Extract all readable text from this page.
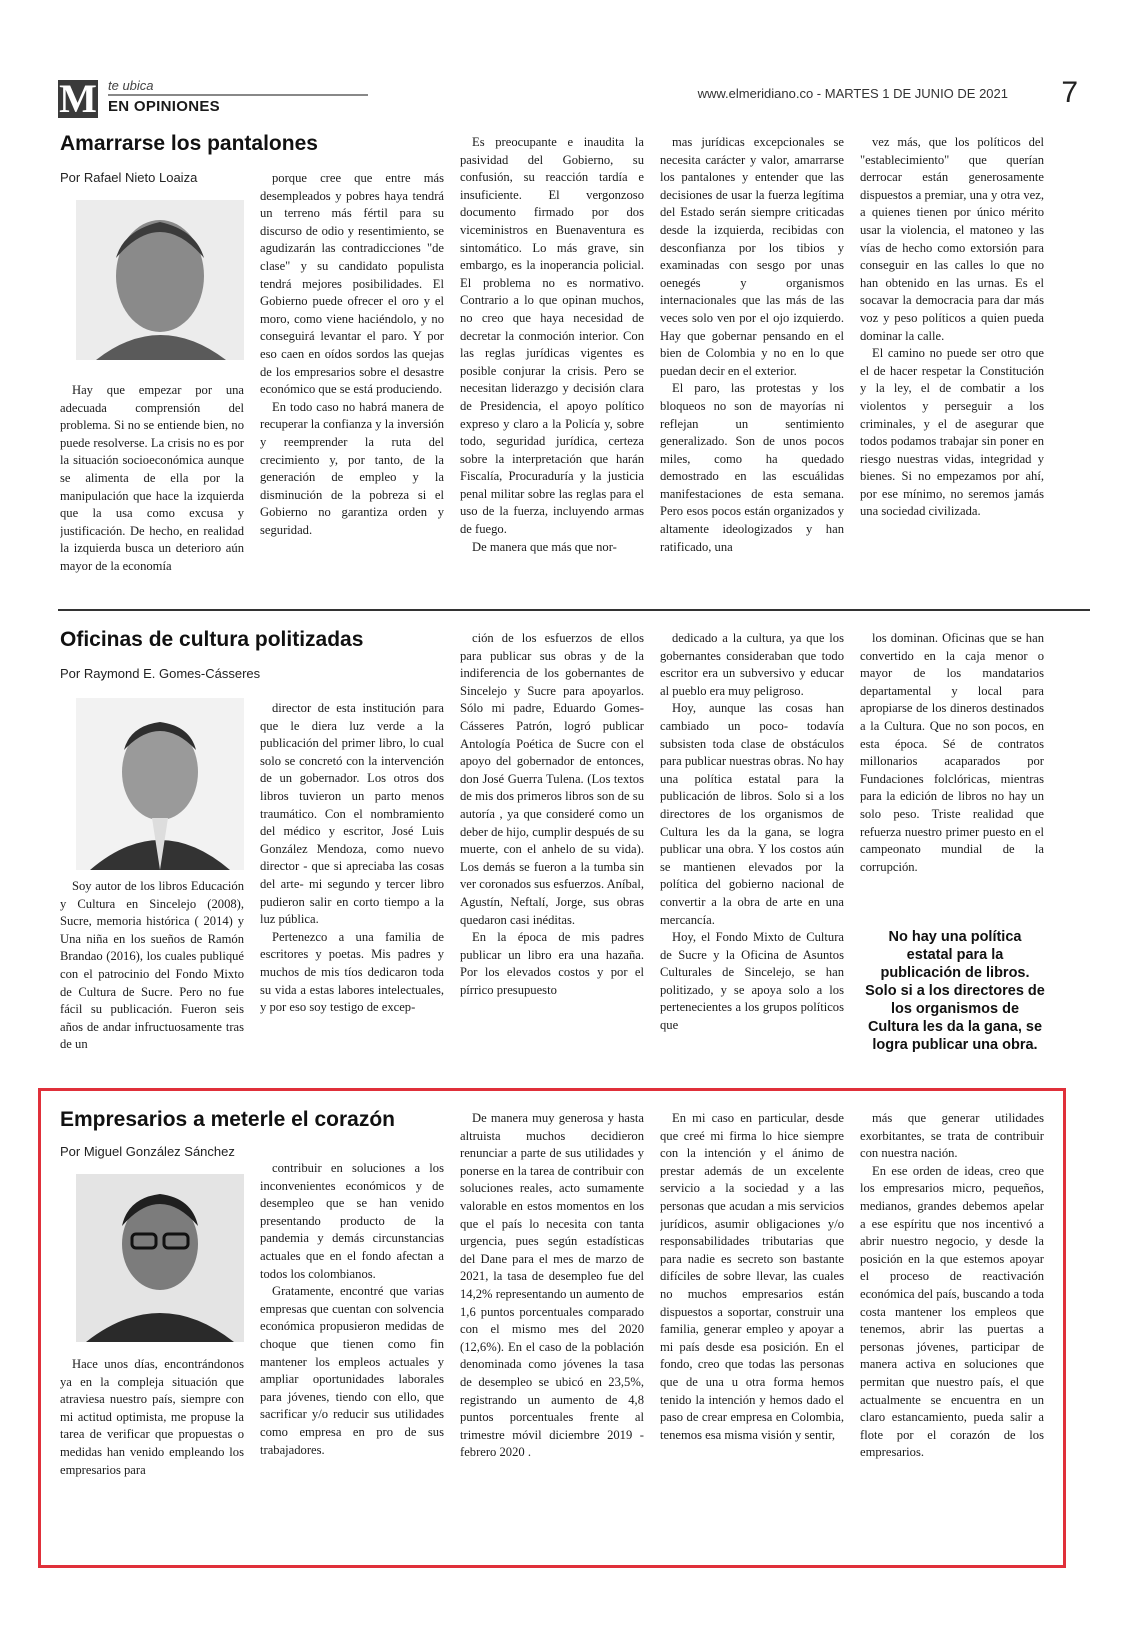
M te ubica
EN OPINIONES
www.elmeridiano.co - MARTES 1 DE JUNIO DE 2021 7
Amarrarse los pantalones
Por Rafael Nieto Loaiza

Hay que empezar por una adecuada comprensión del problema. Si no se entiende bien, no puede resolverse. La crisis no es por la situación socioeconómica aunque se alimenta de ella por la manipulación que hace la izquierda que la usa como excusa y justificación. De hecho, en realidad la izquierda busca un deterioro aún mayor de la economía

porque cree que entre más desempleados y pobres haya tendrá un terreno más fértil para su discurso de odio y resentimiento, se agudizarán las contradicciones "de clase" y su candidato populista tendrá mejores posibilidades. El Gobierno puede ofrecer el oro y el moro, como viene haciéndolo, y no conseguirá levantar el paro. Y por eso caen en oídos sordos las quejas de los empresarios sobre el desastre económico que se está produciendo.

En todo caso no habrá manera de recuperar la confianza y la inversión y reemprender la ruta del crecimiento y, por tanto, de la generación de empleo y la disminución de la pobreza si el Gobierno no garantiza orden y seguridad.

Es preocupante e inaudita la pasividad del Gobierno, su confusión, su reacción tardía e insuficiente. El vergonzoso documento firmado por dos viceministros en Buenaventura es sintomático. Lo más grave, sin embargo, es la inoperancia policial. El problema no es normativo. Contrario a lo que opinan muchos, no creo que haya necesidad de decretar la conmoción interior. Con las reglas jurídicas vigentes es posible conjurar la crisis. Pero se necesitan liderazgo y decisión clara de Presidencia, el apoyo político expreso y claro a la Policía y, sobre todo, seguridad jurídica, certeza sobre la interpretación que harán Fiscalía, Procuraduría y la justicia penal militar sobre las reglas para el uso de la fuerza, incluyendo armas de fuego.

De manera que más que nor-

mas jurídicas excepcionales se necesita carácter y valor, amarrarse los pantalones y entender que las decisiones de usar la fuerza legítima del Estado serán siempre criticadas desde la izquierda, recibidas con desconfianza por los tibios y examinadas con sesgo por unas oenegés y organismos internacionales que las más de las veces solo ven por el ojo izquierdo. Hay que gobernar pensando en el bien de Colombia y no en lo que puedan decir en el exterior.

El paro, las protestas y los bloqueos no son de mayorías ni reflejan un sentimiento generalizado. Son de unos pocos miles, como ha quedado demostrado en las escuálidas manifestaciones de esta semana. Pero esos pocos están organizados y altamente ideologizados y han ratificado, una

vez más, que los políticos del "establecimiento" que querían derrocar están generosamente dispuestos a premiar, una y otra vez, a quienes tienen por único mérito usar la violencia, el matoneo y las vías de hecho como extorsión para conseguir en las calles lo que no han obtenido en las urnas. Es el socavar la democracia para dar más voz y peso políticos a quien pueda dominar la calle.

El camino no puede ser otro que el de hacer respetar la Constitución y la ley, el de combatir a los violentos y perseguir a los criminales, y el de asegurar que todos podamos trabajar sin poner en riesgo nuestras vidas, integridad y bienes. Si no empezamos por ahí, por ese mínimo, no seremos jamás una sociedad civilizada.

Oficinas de cultura politizadas
Por Raymond E. Gomes-Cásseres

Soy autor de los libros Educación y Cultura en Sincelejo (2008), Sucre, memoria histórica ( 2014) y Una niña en los sueños de Ramón Brandao (2016), los cuales publiqué con el patrocinio del Fondo Mixto de Cultura de Sucre. Pero no fue fácil su publicación. Fueron seis años de andar infructuosamente tras de un

director de esta institución para que le diera luz verde a la publicación del primer libro, lo cual solo se concretó con la intervención de un gobernador. Los otros dos libros tuvieron un parto menos traumático. Con el nombramiento del médico y escritor, José Luis González Mendoza, como nuevo director - que si apreciaba las cosas del arte- mi segundo y tercer libro pudieron salir en corto tiempo a la luz pública.

Pertenezco a una familia de escritores y poetas. Mis padres y muchos de mis tíos dedicaron toda su vida a estas labores intelectuales, y por eso soy testigo de excep-

ción de los esfuerzos de ellos para publicar sus obras y de la indiferencia de los gobernantes de Sincelejo y Sucre para apoyarlos. Sólo mi padre, Eduardo Gomes-Cásseres Patrón, logró publicar Antología Poética de Sucre con el apoyo del gobernador de entonces, don José Guerra Tulena. (Los textos de mis dos primeros libros son de su autoría , ya que consideré como un deber de hijo, cumplir después de su muerte, con el anhelo de su vida). Los demás se fueron a la tumba sin ver coronados sus esfuerzos. Aníbal, Agustín, Neftalí, Jorge, sus obras quedaron casi inéditas.

En la época de mis padres publicar un libro era una hazaña. Por los elevados costos y por el pírrico presupuesto

dedicado a la cultura, ya que los gobernantes consideraban que todo escritor era un subversivo y educar al pueblo era muy peligroso.

Hoy, aunque las cosas han cambiado un poco- todavía subsisten toda clase de obstáculos para publicar nuestras obras. No hay una política estatal para la publicación de libros. Solo si a los directores de los organismos de Cultura les da la gana, se logra publicar una obra. Y los costos aún se mantienen elevados por la política del gobierno nacional de convertir a la obra de arte en una mercancía.

Hoy, el Fondo Mixto de Cultura de Sucre y la Oficina de Asuntos Culturales de Sincelejo, se han politizado, y se apoya solo a los pertenecientes a los grupos políticos que

los dominan. Oficinas que se han convertido en la caja menor o mayor de los mandatarios departamental y local para apropiarse de los dineros destinados a la Cultura. Que no son pocos, en esta época. Sé de contratos millonarios acaparados por Fundaciones folclóricas, mientras para la edición de libros no hay un solo peso. Triste realidad que refuerza nuestro primer puesto en el campeonato mundial de la corrupción.

No hay una política estatal para la publicación de libros. Solo si a los directores de los organismos de Cultura les da la gana, se logra publicar una obra.
Empresarios a meterle el corazón
Por Miguel González Sánchez

Hace unos días, encontrándonos ya en la compleja situación que atraviesa nuestro país, siempre con mi actitud optimista, me propuse la tarea de verificar que propuestas o medidas han venido empleando los empresarios para

contribuir en soluciones a los inconvenientes económicos y de desempleo que se han venido presentando producto de la pandemia y demás circunstancias actuales que en el fondo afectan a todos los colombianos.

Gratamente, encontré que varias empresas que cuentan con solvencia económica propusieron medidas de choque que tienen como fin mantener los empleos actuales y ampliar oportunidades laborales para jóvenes, tiendo con ello, que sacrificar y/o reducir sus utilidades como empresa en pro de sus trabajadores.

De manera muy generosa y hasta altruista muchos decidieron renunciar a parte de sus utilidades y ponerse en la tarea de contribuir con soluciones reales, acto sumamente valorable en estos momentos en los que el país lo necesita con tanta urgencia, pues según estadísticas del Dane para el mes de marzo de 2021, la tasa de desempleo fue del 14,2% representando un aumento de 1,6 puntos porcentuales comparado con el mismo mes del 2020 (12,6%). En el caso de la población denominada como jóvenes la tasa de desempleo se ubicó en 23,5%, registrando un aumento de 4,8 puntos porcentuales frente al trimestre móvil diciembre 2019 - febrero 2020 .

En mi caso en particular, desde que creé mi firma lo hice siempre con la intención y el ánimo de prestar además de un excelente servicio a la sociedad y a las personas que acudan a mis servicios jurídicos, asumir obligaciones y/o responsabilidades tributarias que para nadie es secreto son bastante difíciles de sobre llevar, las cuales no muchos empresarios están dispuestos a soportar, construir una familia, generar empleo y apoyar a mi país desde esa posición. En el fondo, creo que todas las personas que de una u otra forma hemos tenido la intención y hemos dado el paso de crear empresa en Colombia, tenemos esa misma visión y sentir,

más que generar utilidades exorbitantes, se trata de contribuir con nuestra nación.

En ese orden de ideas, creo que los empresarios micro, pequeños, medianos, grandes debemos apelar a ese espíritu que nos incentivó a abrir nuestro negocio, y desde la posición en la que estemos apoyar el proceso de reactivación económica del país, buscando a toda costa mantener los empleos que tenemos, abrir las puertas a personas jóvenes, participar de manera activa en soluciones que permitan que nuestro país, el que actualmente se encuentra en un claro estancamiento, pueda salir a flote por el corazón de los empresarios.
